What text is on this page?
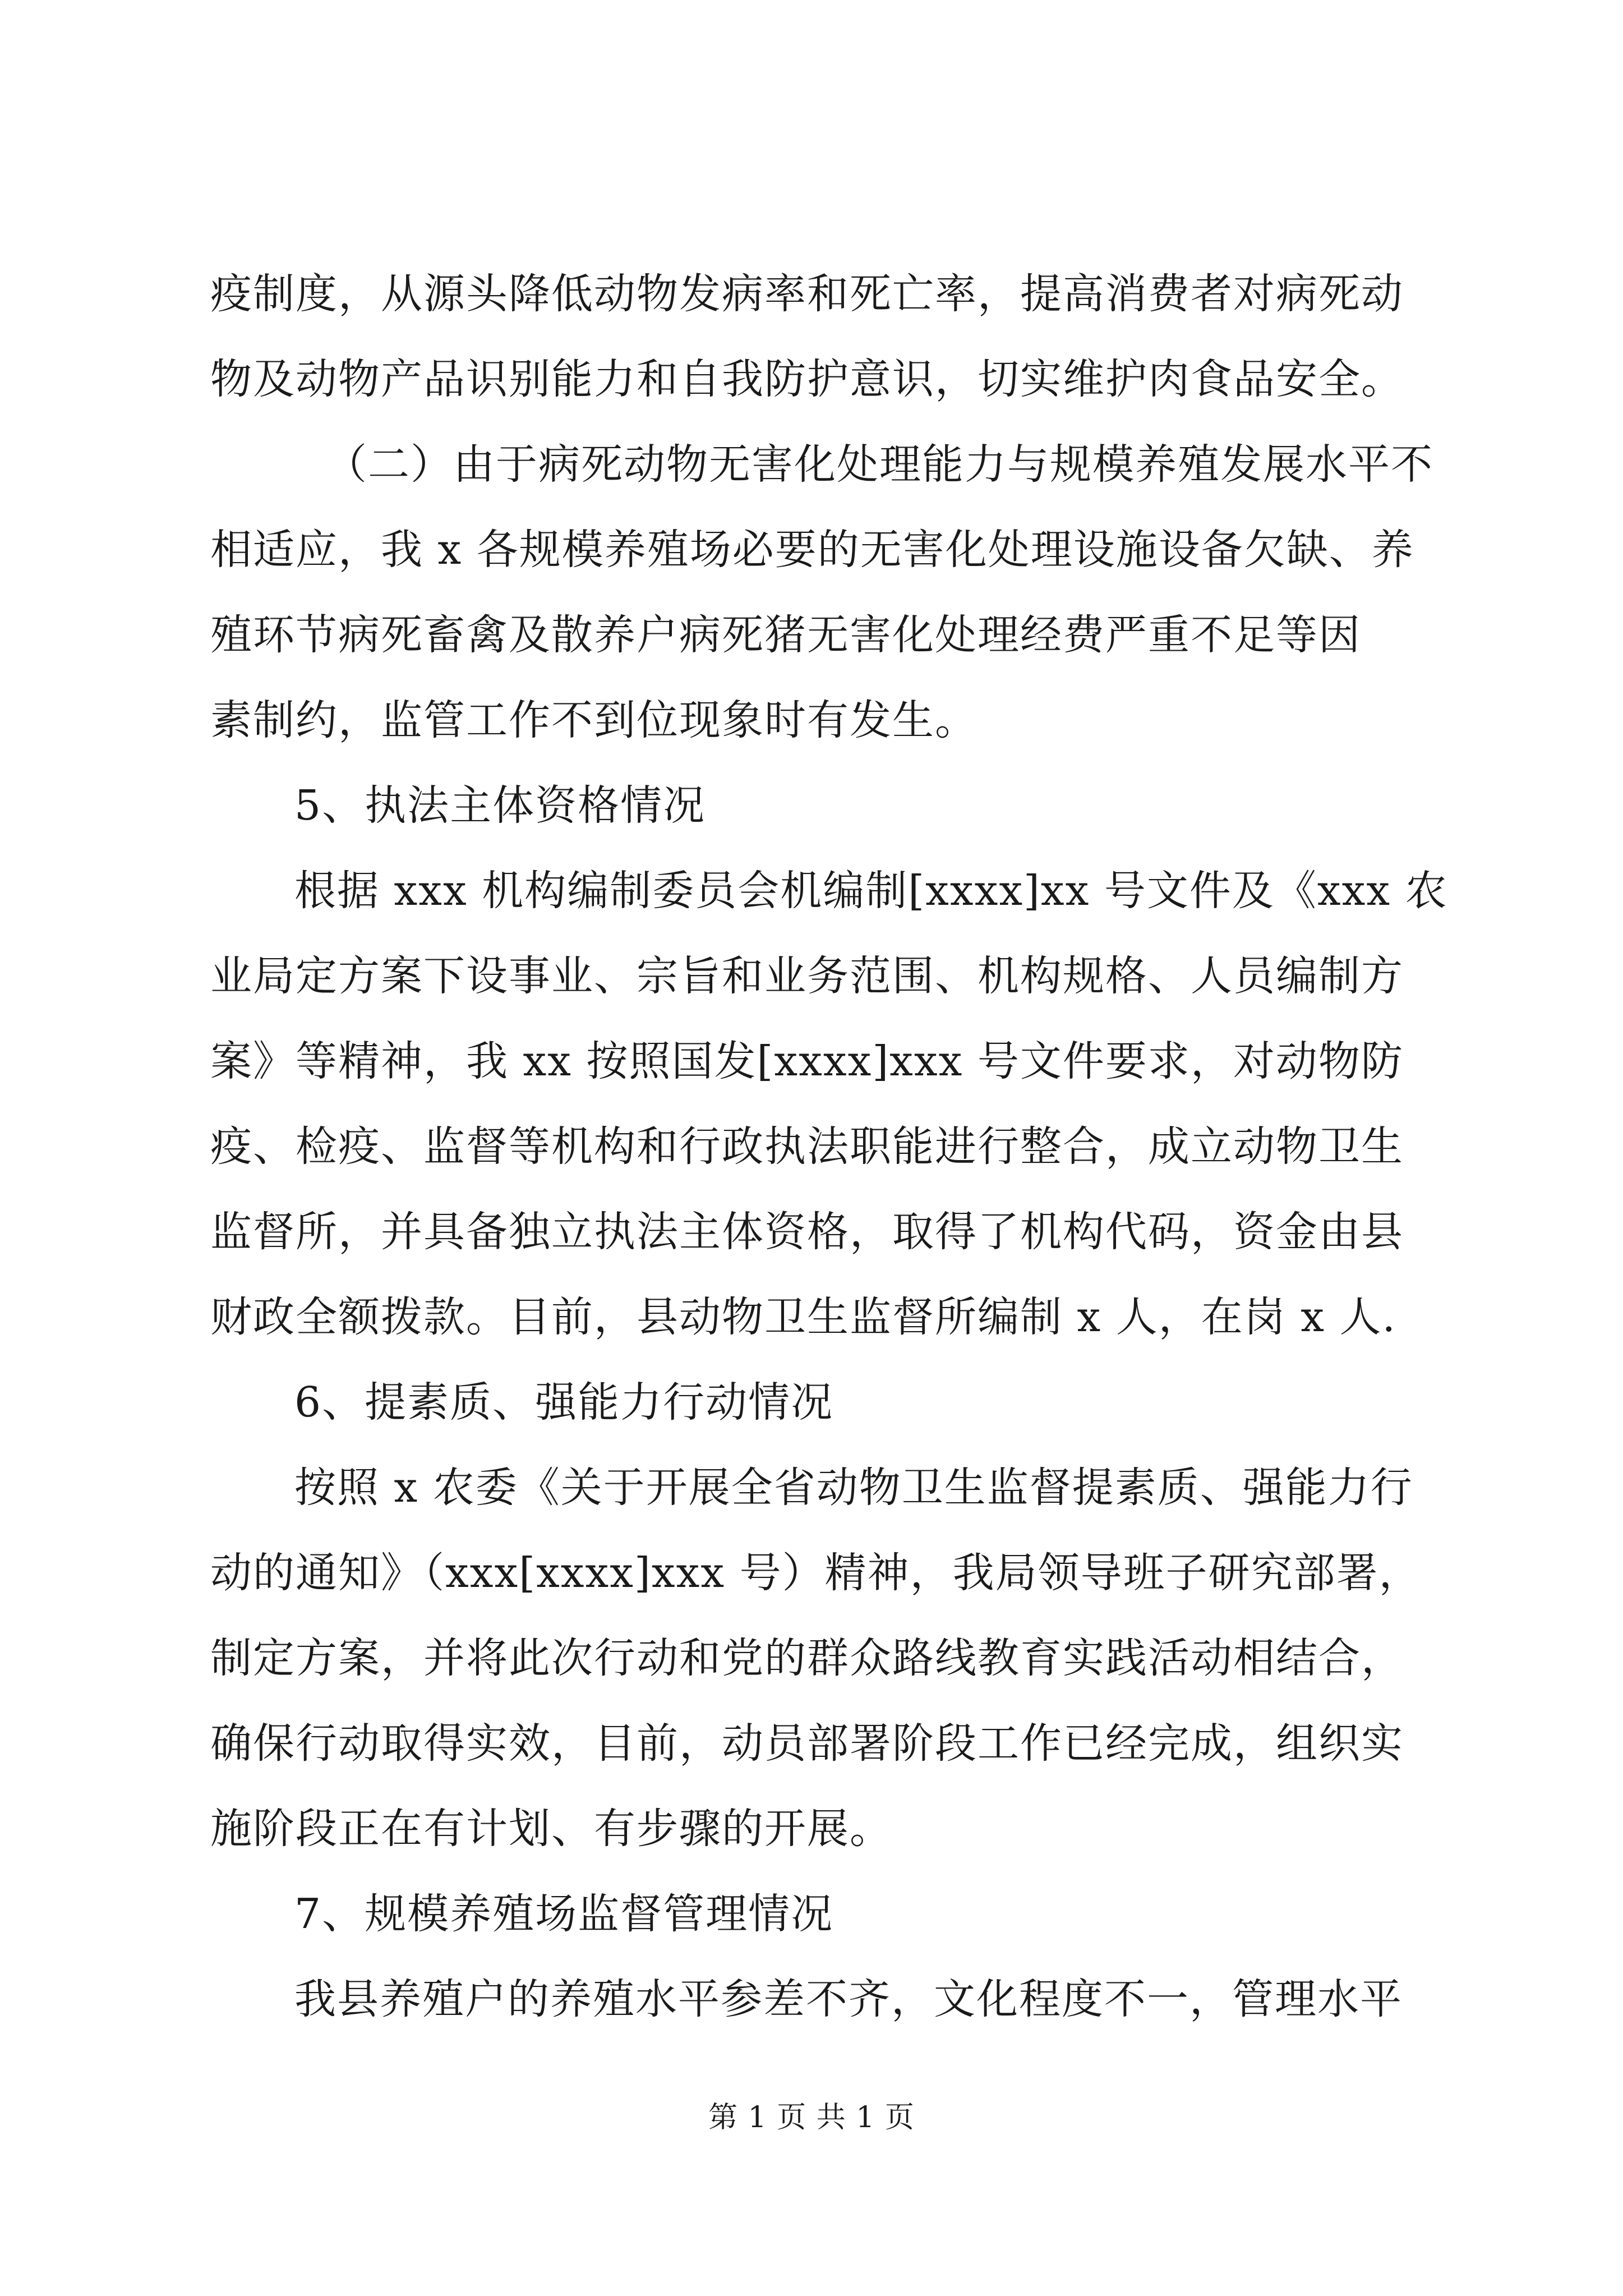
疫制度，从源头降低动物发病率和死亡率，提高消费者对病死动
物及动物产品识别能力和自我防护意识，切实维护肉食品安全。
（二）由于病死动物无害化处理能力与规模养殖发展水平不
相适应，我 x 各规模养殖场必要的无害化处理设施设备欠缺、养
殖环节病死畜禽及散养户病死猪无害化处理经费严重不足等因
素制约，监管工作不到位现象时有发生。
5、执法主体资格情况
根据 xxx 机构编制委员会机编制[xxxx]xx 号文件及《xxx 农
业局定方案下设事业、宗旨和业务范围、机构规格、人员编制方
案》等精神，我 xx 按照国发[xxxx]xxx 号文件要求，对动物防
疫、检疫、监督等机构和行政执法职能进行整合，成立动物卫生
监督所，并具备独立执法主体资格，取得了机构代码，资金由县
财政全额拨款。目前，县动物卫生监督所编制 x 人，在岗 x 人.
6、提素质、强能力行动情况
按照 x 农委《关于开展全省动物卫生监督提素质、强能力行
动的通知》（xxx[xxxx]xxx 号）精神，我局领导班子研究部署，
制定方案，并将此次行动和党的群众路线教育实践活动相结合，
确保行动取得实效，目前，动员部署阶段工作已经完成，组织实
施阶段正在有计划、有步骤的开展。
7、规模养殖场监督管理情况
我县养殖户的养殖水平参差不齐，文化程度不一，管理水平
第 1 页 共 1 页
